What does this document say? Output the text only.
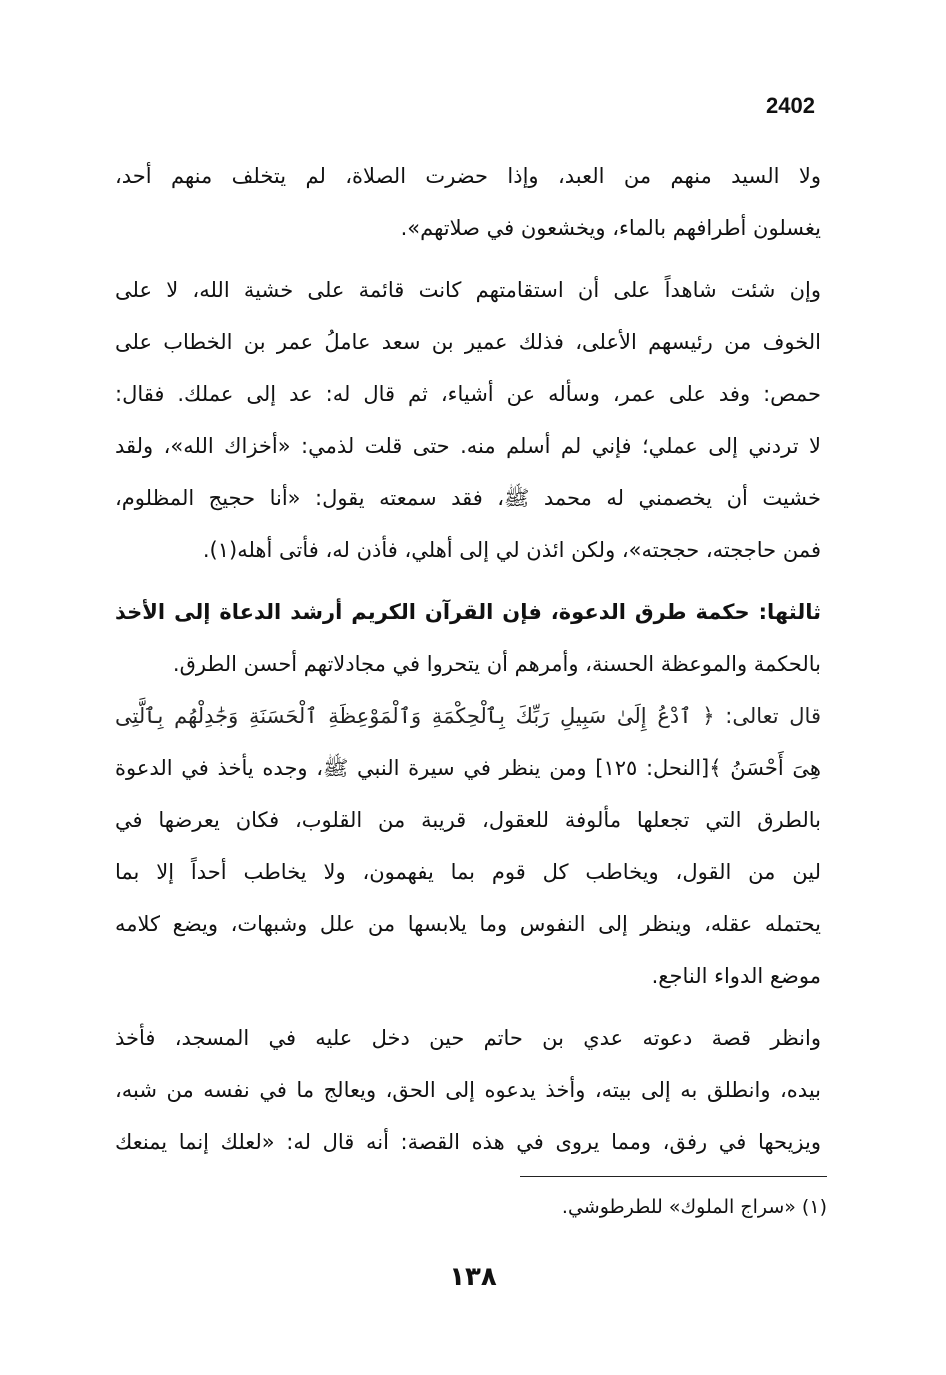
2402
ولا السيد منهم من العبد، وإذا حضرت الصلاة، لم يتخلف منهم أحد،
يغسلون أطرافهم بالماء، ويخشعون في صلاتهم».
وإن شئت شاهداً على أن استقامتهم كانت قائمة على خشية الله، لا على
الخوف من رئيسهم الأعلى، فذلك عمير بن سعد عاملُ عمر بن الخطاب على
حمص: وفد على عمر، وسأله عن أشياء، ثم قال له: عد إلى عملك. فقال:
لا تردني إلى عملي؛ فإني لم أسلم منه. حتى قلت لذمي: «أخزاك الله»، ولقد
خشيت أن يخصمني له محمد ﷺ، فقد سمعته يقول: «أنا حجيج المظلوم،
فمن حاججته، حججته»، ولكن ائذن لي إلى أهلي، فأذن له، فأتى أهله(١).
ثالثها: حكمة طرق الدعوة، فإن القرآن الكريم أرشد الدعاة إلى الأخذ
بالحكمة والموعظة الحسنة، وأمرهم أن يتحروا في مجادلاتهم أحسن الطرق.
قال تعالى: ﴿ ٱدْعُ إِلَىٰ سَبِيلِ رَبِّكَ بِٱلْحِكْمَةِ وَٱلْمَوْعِظَةِ ٱلْحَسَنَةِ وَجَٰدِلْهُم بِٱلَّتِى
هِىَ أَحْسَنُ ﴾[النحل: ١٢٥] ومن ينظر في سيرة النبي ﷺ، وجده يأخذ في الدعوة
بالطرق التي تجعلها مألوفة للعقول، قريبة من القلوب، فكان يعرضها في
لين من القول، ويخاطب كل قوم بما يفهمون، ولا يخاطب أحداً إلا بما
يحتمله عقله، وينظر إلى النفوس وما يلابسها من علل وشبهات، ويضع كلامه
موضع الدواء الناجع.
وانظر قصة دعوته عدي بن حاتم حين دخل عليه في المسجد، فأخذ
بيده، وانطلق به إلى بيته، وأخذ يدعوه إلى الحق، ويعالج ما في نفسه من شبه،
ويزيحها في رفق، ومما يروى في هذه القصة: أنه قال له: «لعلك إنما يمنعك
(١) «سراج الملوك» للطرطوشي.
١٣٨
